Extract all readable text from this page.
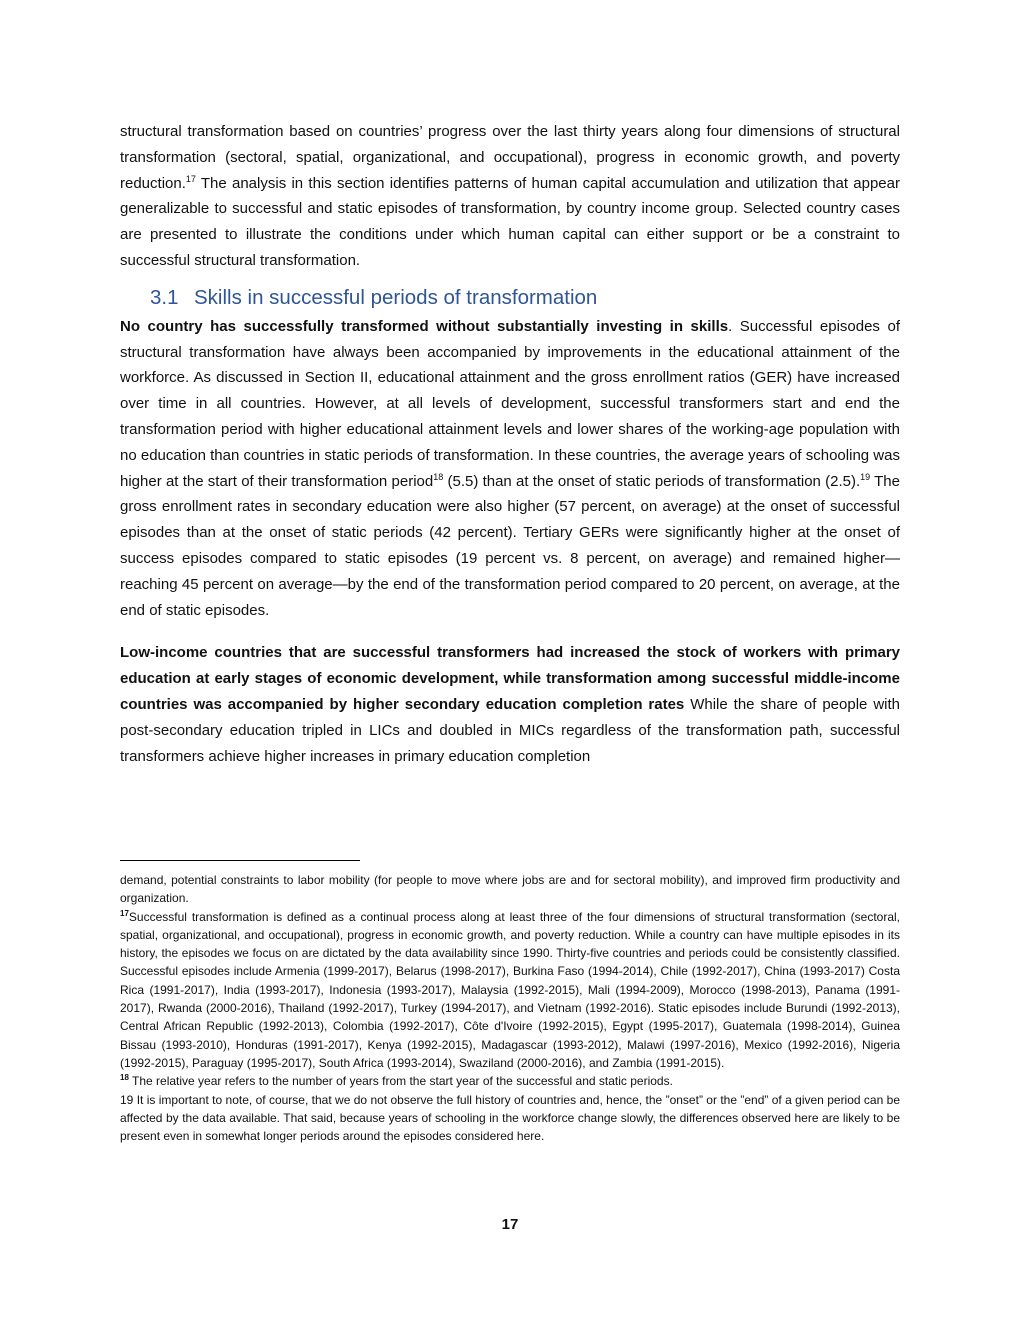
structural transformation based on countries’ progress over the last thirty years along four dimensions of structural transformation (sectoral, spatial, organizational, and occupational), progress in economic growth, and poverty reduction.$^{17}$ The analysis in this section identifies patterns of human capital accumulation and utilization that appear generalizable to successful and static episodes of transformation, by country income group. Selected country cases are presented to illustrate the conditions under which human capital can either support or be a constraint to successful structural transformation.

3.1 Skills in successful periods of transformation

No country has successfully transformed without substantially investing in skills. Successful episodes of structural transformation have always been accompanied by improvements in the educational attainment of the workforce. As discussed in Section II, educational attainment and the gross enrollment ratios (GER) have increased over time in all countries. However, at all levels of development, successful transformers start and end the transformation period with higher educational attainment levels and lower shares of the working-age population with no education than countries in static periods of transformation. In these countries, the average years of schooling was higher at the start of their transformation period$^{18}$ (5.5) than at the onset of static periods of transformation (2.5).$^{19}$ The gross enrollment rates in secondary education were also higher (57 percent, on average) at the onset of successful episodes than at the onset of static periods (42 percent). Tertiary GERs were significantly higher at the onset of success episodes compared to static episodes (19 percent vs. 8 percent, on average) and remained higher—reaching 45 percent on average—by the end of the transformation period compared to 20 percent, on average, at the end of static episodes.

Low-income countries that are successful transformers had increased the stock of workers with primary education at early stages of economic development, while transformation among successful middle-income countries was accompanied by higher secondary education completion rates While the share of people with post-secondary education tripled in LICs and doubled in MICs regardless of the transformation path, successful transformers achieve higher increases in primary education completion

demand, potential constraints to labor mobility (for people to move where jobs are and for sectoral mobility), and improved firm productivity and organization.

$^{17}$Successful transformation is defined as a continual process along at least three of the four dimensions of structural transformation (sectoral, spatial, organizational, and occupational), progress in economic growth, and poverty reduction. While a country can have multiple episodes in its history, the episodes we focus on are dictated by the data availability since 1990. Thirty-five countries and periods could be consistently classified. Successful episodes include Armenia (1999-2017), Belarus (1998-2017), Burkina Faso (1994-2014), Chile (1992-2017), China (1993-2017) Costa Rica (1991-2017), India (1993-2017), Indonesia (1993-2017), Malaysia (1992-2015), Mali (1994-2009), Morocco (1998-2013), Panama (1991-2017), Rwanda (2000-2016), Thailand (1992-2017), Turkey (1994-2017), and Vietnam (1992-2016). Static episodes include Burundi (1992-2013), Central African Republic (1992-2013), Colombia (1992-2017), Côte d'Ivoire (1992-2015), Egypt (1995-2017), Guatemala (1998-2014), Guinea Bissau (1993-2010), Honduras (1991-2017), Kenya (1992-2015), Madagascar (1993-2012), Malawi (1997-2016), Mexico (1992-2016), Nigeria (1992-2015), Paraguay (1995-2017), South Africa (1993-2014), Swaziland (2000-2016), and Zambia (1991-2015).

$^{18}$ The relative year refers to the number of years from the start year of the successful and static periods.

19 It is important to note, of course, that we do not observe the full history of countries and, hence, the ”onset” or the ”end” of a given period can be affected by the data available. That said, because years of schooling in the workforce change slowly, the differences observed here are likely to be present even in somewhat longer periods around the episodes considered here.

17
